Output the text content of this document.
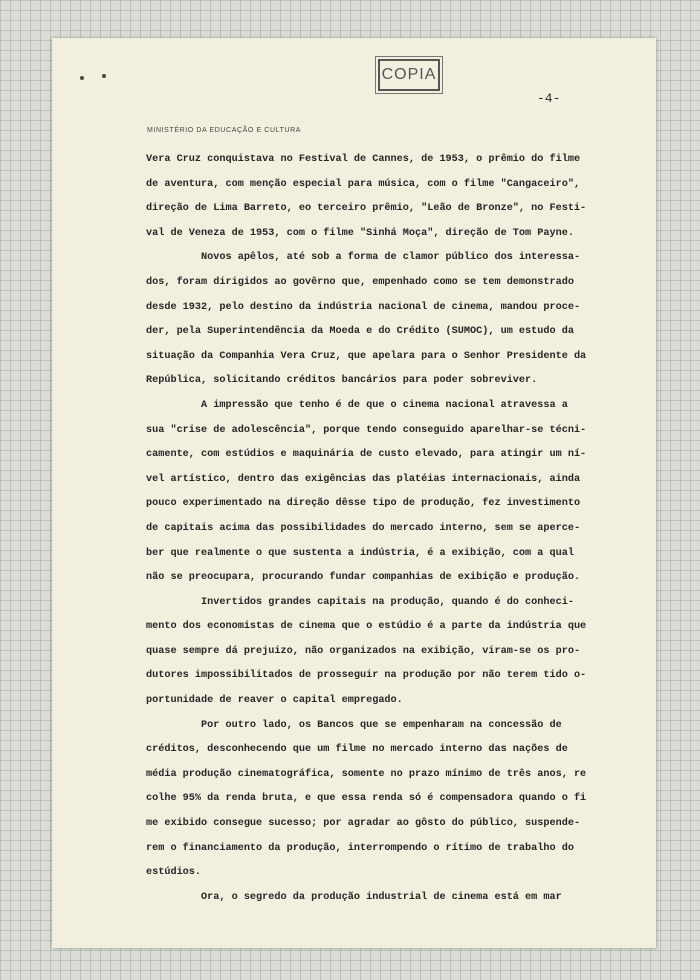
COPIA
-4-
MINISTÉRIO DA EDUCAÇÃO E CULTURA
Vera Cruz conquistava no Festival de Cannes, de 1953, o prêmio do filme
de aventura, com menção especial para música, com o filme "Cangaceiro",
direção de Lima Barreto, eo terceiro prêmio, "Leão de Bronze", no Festi-
val de Veneza de 1953, com o filme "Sinhá Moça", direção de Tom Payne.
Novos apêlos, até sob a forma de clamor público dos interessa-
dos, foram dirigidos ao govêrno que, empenhado como se tem demonstrado
desde 1932, pelo destino da indústria nacional de cinema, mandou proce-
der, pela Superintendência da Moeda e do Crédito (SUMOC), um estudo da
situação da Companhia Vera Cruz, que apelara para o Senhor Presidente da
República, solicitando créditos bancários para poder sobreviver.
A impressão que tenho é de que o cinema nacional atravessa a
sua "crise de adolescência", porque tendo conseguido aparelhar-se técni-
camente, com estúdios e maquinária de custo elevado, para atingir um ní-
vel artístico, dentro das exigências das platéias internacionais, ainda
pouco experimentado na direção dêsse tipo de produção, fez investimento
de capitais acima das possibilidades do mercado interno, sem se aperce-
ber que realmente o que sustenta a indústria, é a exibição, com a qual
não se preocupara, procurando fundar companhias de exibição e produção.
Invertidos grandes capitais na produção, quando é do conheci-
mento dos economistas de cinema que o estúdio é a parte da indústria que
quase sempre dá prejuizo, não organizados na exibição, viram-se os pro-
dutores impossibilitados de prosseguir na produção por não terem tido o-
portunidade de reaver o capital empregado.
Por outro lado, os Bancos que se empenharam na concessão de
créditos, desconhecendo que um filme no mercado interno das nações de
média produção cinematográfica, somente no prazo mínimo de três anos, re
colhe 95% da renda bruta, e que essa renda só é compensadora quando o fi
me exibido consegue sucesso; por agradar ao gôsto do público, suspende-
rem o financiamento da produção, interrompendo o rítimo de trabalho do
estúdios.
Ora, o segredo da produção industrial de cinema está em mar
